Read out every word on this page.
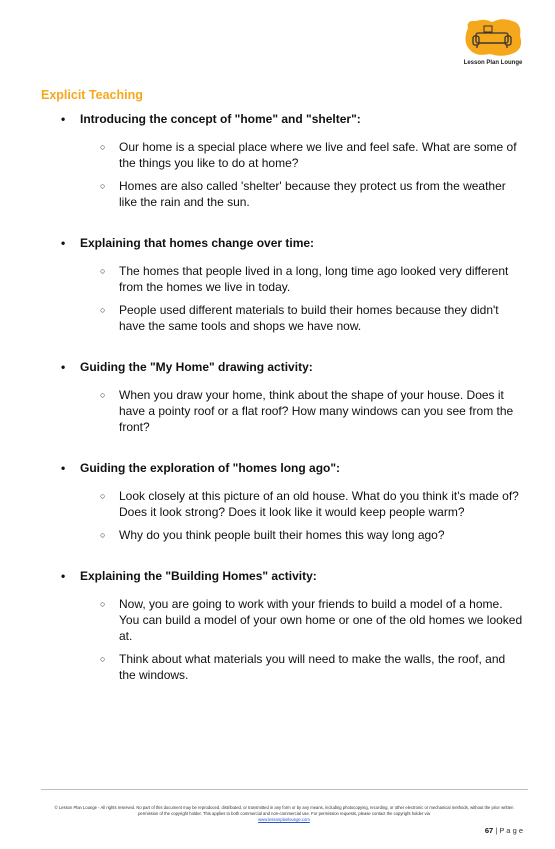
Lesson Plan Lounge
Explicit Teaching
• Introducing the concept of "home" and "shelter":
○ Our home is a special place where we live and feel safe. What are some of the things you like to do at home?
○ Homes are also called 'shelter' because they protect us from the weather like the rain and the sun.
• Explaining that homes change over time:
○ The homes that people lived in a long, long time ago looked very different from the homes we live in today.
○ People used different materials to build their homes because they didn't have the same tools and shops we have now.
• Guiding the "My Home" drawing activity:
○ When you draw your home, think about the shape of your house. Does it have a pointy roof or a flat roof? How many windows can you see from the front?
• Guiding the exploration of "homes long ago":
○ Look closely at this picture of an old house. What do you think it's made of? Does it look strong? Does it look like it would keep people warm?
○ Why do you think people built their homes this way long ago?
• Explaining the "Building Homes" activity:
○ Now, you are going to work with your friends to build a model of a home. You can build a model of your own home or one of the old homes we looked at.
○ Think about what materials you will need to make the walls, the roof, and the windows.
© Lesson Plan Lounge - All rights reserved. No part of this document may be reproduced, distributed, or transmitted in any form or by any means, including photocopying, recording, or other electronic or mechanical methods, without the prior written permission of the copyright holder. This applies to both commercial and non-commercial use. For permission requests, please contact the copyright holder via
www.lessonplanlounge.com
67 | P a g e
